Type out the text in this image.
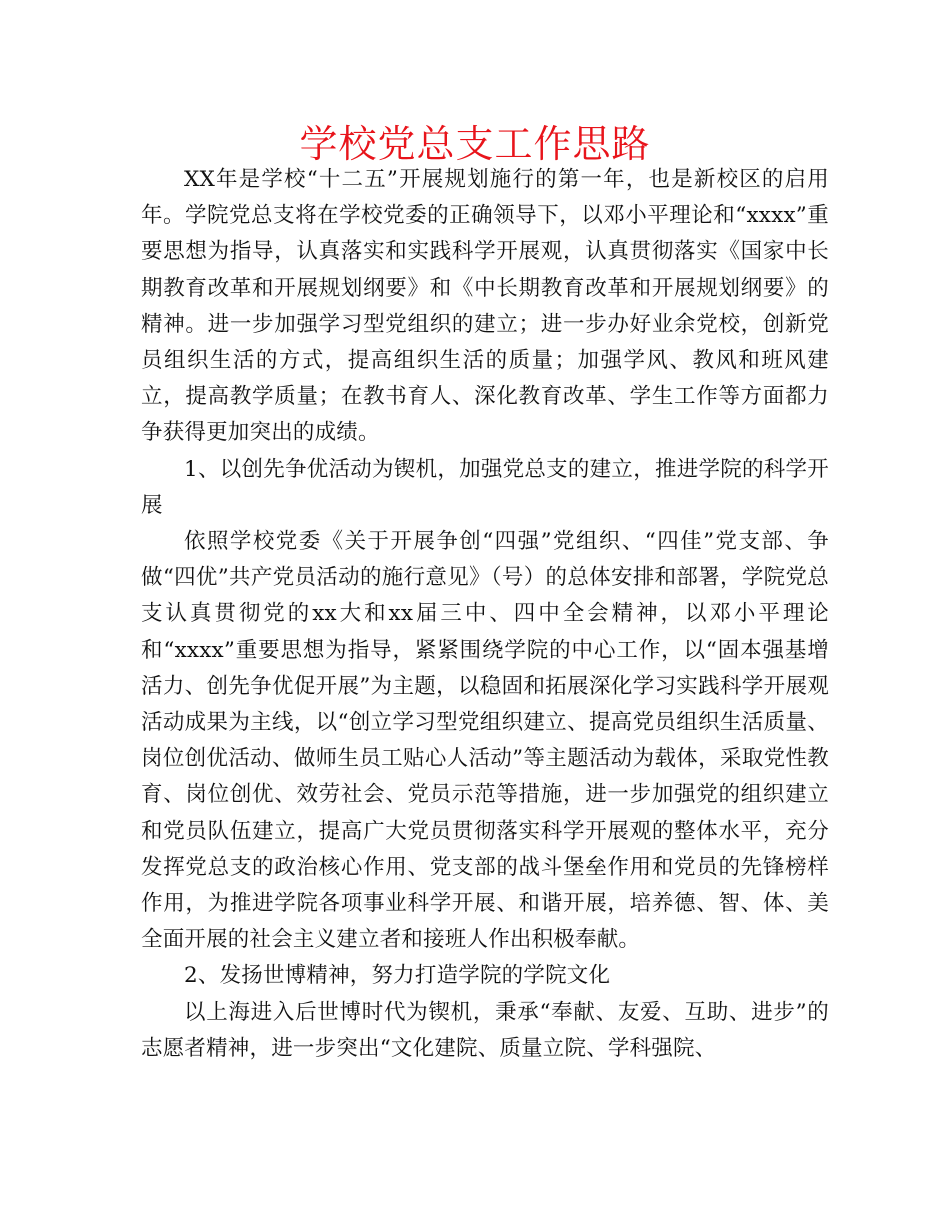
学校党总支工作思路

XX年是学校“十二五”开展规划施行的第一年，也是新校区的启用年。学院党总支将在学校党委的正确领导下，以邓小平理论和“xxxx”重要思想为指导，认真落实和实践科学开展观，认真贯彻落实《国家中长期教育改革和开展规划纲要》和《中长期教育改革和开展规划纲要》的精神。进一步加强学习型党组织的建立；进一步办好业余党校，创新党员组织生活的方式，提高组织生活的质量；加强学风、教风和班风建立，提高教学质量；在教书育人、深化教育改革、学生工作等方面都力争获得更加突出的成绩。

1、以创先争优活动为锲机，加强党总支的建立，推进学院的科学开展

依照学校党委《关于开展争创“四强”党组织、“四佳”党支部、争做“四优”共产党员活动的施行意见》（号）的总体安排和部署，学院党总支认真贯彻党的xx大和xx届三中、四中全会精神，以邓小平理论和“xxxx”重要思想为指导，紧紧围绕学院的中心工作，以“固本强基增活力、创先争优促开展”为主题，以稳固和拓展深化学习实践科学开展观活动成果为主线，以“创立学习型党组织建立、提高党员组织生活质量、岗位创优活动、做师生员工贴心人活动”等主题活动为载体，采取党性教育、岗位创优、效劳社会、党员示范等措施，进一步加强党的组织建立和党员队伍建立，提高广大党员贯彻落实科学开展观的整体水平，充分发挥党总支的政治核心作用、党支部的战斗堡垒作用和党员的先锋榜样作用，为推进学院各项事业科学开展、和谐开展，培养德、智、体、美全面开展的社会主义建立者和接班人作出积极奉献。

2、发扬世博精神，努力打造学院的学院文化

以上海进入后世博时代为锲机，秉承“奉献、友爱、互助、进步”的志愿者精神，进一步突出“文化建院、质量立院、学科强院、
